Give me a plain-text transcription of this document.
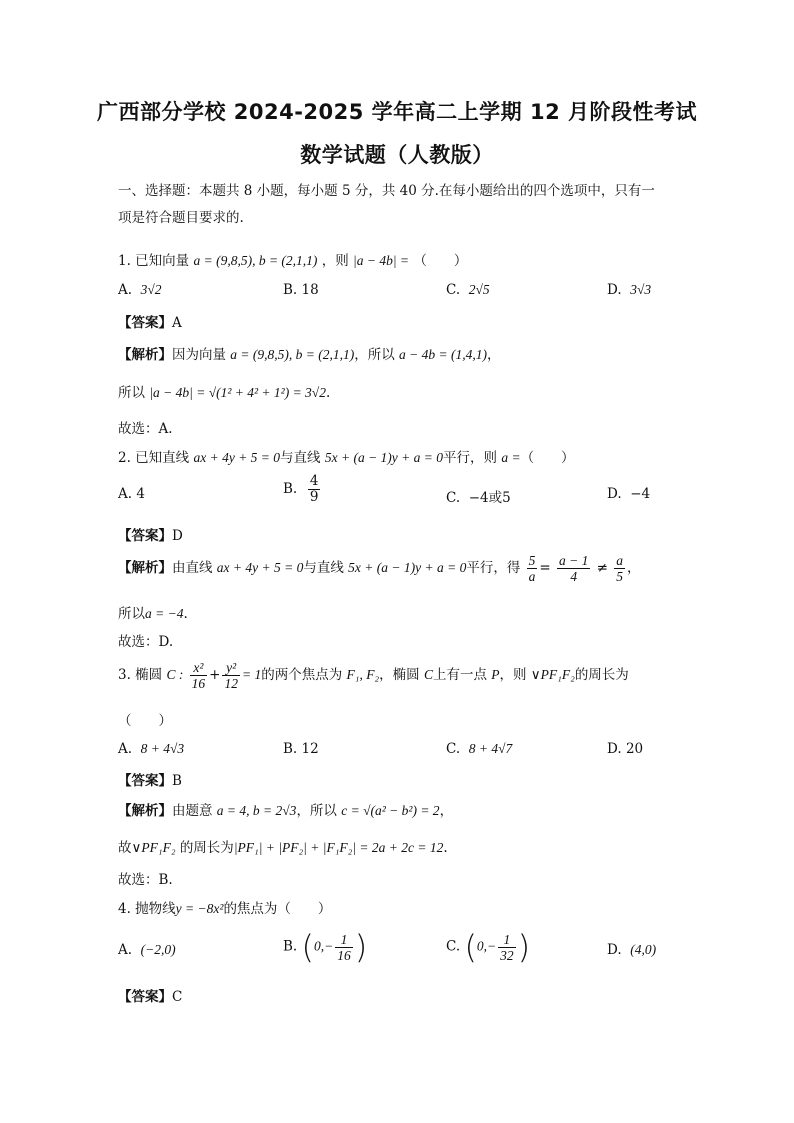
广西部分学校 2024-2025 学年高二上学期 12 月阶段性考试
数学试题（人教版）
一、选择题：本题共 8 小题，每小题 5 分，共 40 分.在每小题给出的四个选项中，只有一
项是符合题目要求的.
1. 已知向量 a = (9,8,5), b = (2,1,1) ，则 |a − 4b| = （　　）
A. 3√2	B. 18	C. 2√5	D. 3√3
【答案】A
【解析】因为向量 a = (9,8,5), b = (2,1,1)，所以 a − 4b = (1,4,1)，
所以 |a − 4b| = √(1² + 4² + 1²) = 3√2.
故选：A.
2. 已知直线 ax + 4y + 5 = 0与直线 5x + (a − 1)y + a = 0平行，则 a =（　　）
A. 4	B. $\frac{4}{9}$	C. −4或5	D. −4
【答案】D
【解析】由直线 ax + 4y + 5 = 0与直线 5x + (a − 1)y + a = 0平行，得 $\frac{5}{a} = \frac{a - 1}{4} \ne \frac{a}{5}$ ，
所以a = −4.
故选：D.
3. 椭圆 C : $\frac{\text{x²}}{16} + \frac{\text{y²}}{12} = 1$的两个焦点为 F₁, F₂，椭圆 C上有一点 P，则 ∨PF₁F₂的周长为
（　　）
A. 8 + 4√3	B. 12	C. 8 + 4√7	D. 20
【答案】B
【解析】由题意 a = 4, b = 2√3，所以 c = √(a² − b²) = 2，
故∨PF₁F₂ 的周长为|PF₁| + |PF₂| + |F₁F₂| = 2a + 2c = 12.
故选：B.
4. 抛物线y = −8x²的焦点为（　　）
A. (−2,0)	B. ($0,- \frac{1}{16}$ )	C. ($0,- \frac{1}{32}$ )	D. (4,0)
【答案】C
